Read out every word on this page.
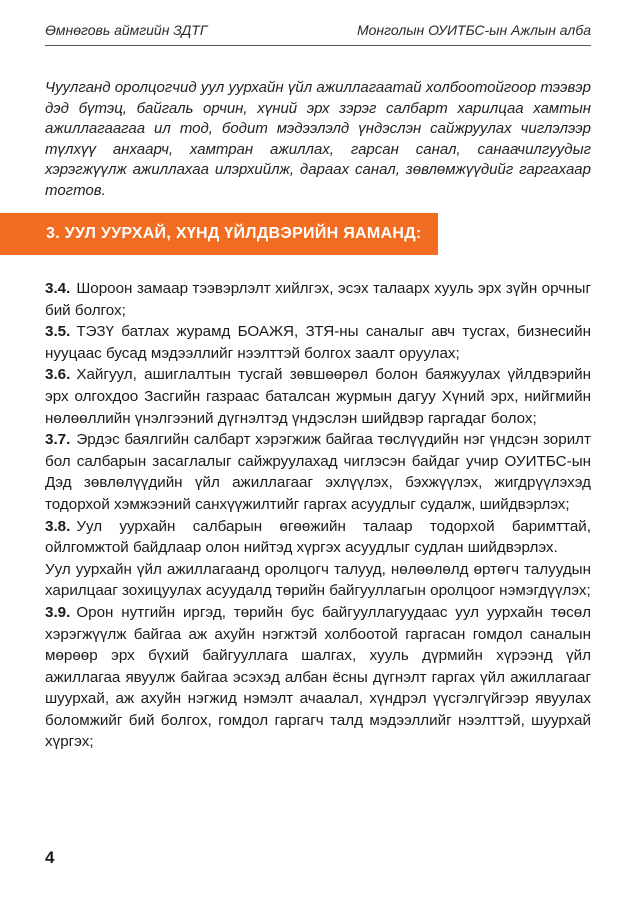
Өмнөговь аймгийн ЗДТГ	Монголын ОУИТБС-ын Ажлын алба

Чуулганд оролцогчид уул уурхайн үйл ажиллагаатай холбоотойгоор тээвэр дэд бүтэц, байгаль орчин, хүний эрх зэрэг салбарт харилцаа хамтын ажиллагаагаа ил тод, бодит мэдээлэлд үндэслэн сайжруулах чиглэлээр түлхүү анхаарч, хамтран ажиллах, гарсан санал, санаачилгуудыг хэрэгжүүлж ажиллахаа илэрхийлж, дараах санал, зөвлөмжүүдийг гаргахаар тогтов.

3. УУЛ УУРХАЙ, ХҮНД ҮЙЛДВЭРИЙН ЯАМАНД:

3.4. Шороон замаар тээвэрлэлт хийлгэх, эсэх талаарх хууль эрх зүйн орчныг бий болгох;

3.5. ТЭЗҮ батлах журамд БОАЖЯ, ЗТЯ-ны саналыг авч тусгах, бизнесийн нууцаас бусад мэдээллийг нээлттэй болгох заалт оруулах;

3.6. Хайгуул, ашиглалтын тусгай зөвшөөрөл болон баяжуулах үйлдвэрийн эрх олгохдоо Засгийн газраас баталсан журмын дагуу Хүний эрх, нийгмийн нөлөөллийн үнэлгээний дүгнэлтэд үндэслэн шийдвэр гаргадаг болох;

3.7. Эрдэс баялгийн салбарт хэрэгжиж байгаа төслүүдийн нэг үндсэн зорилт бол салбарын засаглалыг сайжруулахад чиглэсэн байдаг учир ОУИТБС-ын Дэд зөвлөлүүдийн үйл ажиллагааг эхлүүлэх, бэхжүүлэх, жигдрүүлэхэд тодорхой хэмжээний санхүүжилтийг гаргах асуудлыг судалж, шийдвэрлэх;

3.8. Уул уурхайн салбарын өгөөжийн талаар тодорхой баримттай, ойлгомжтой байдлаар олон нийтэд хүргэх асуудлыг судлан шийдвэрлэх.

Уул уурхайн үйл ажиллагаанд оролцогч талууд, нөлөөлөлд өртөгч талуудын харилцааг зохицуулах асуудалд төрийн байгууллагын оролцоог нэмэгдүүлэх;

3.9. Орон нутгийн иргэд, төрийн бус байгууллагуудаас уул уурхайн төсөл хэрэгжүүлж байгаа аж ахуйн нэгжтэй холбоотой гаргасан гомдол саналын мөрөөр эрх бүхий байгууллага шалгах, хууль дүрмийн хүрээнд үйл ажиллагаа явуулж байгаа эсэхэд албан ёсны дүгнэлт гаргах үйл ажиллагааг шуурхай, аж ахуйн нэгжид нэмэлт ачаалал, хүндрэл үүсгэлгүйгээр явуулах боломжийг бий болгох, гомдол гаргагч талд мэдээллийг нээлттэй, шуурхай хүргэх;

4
